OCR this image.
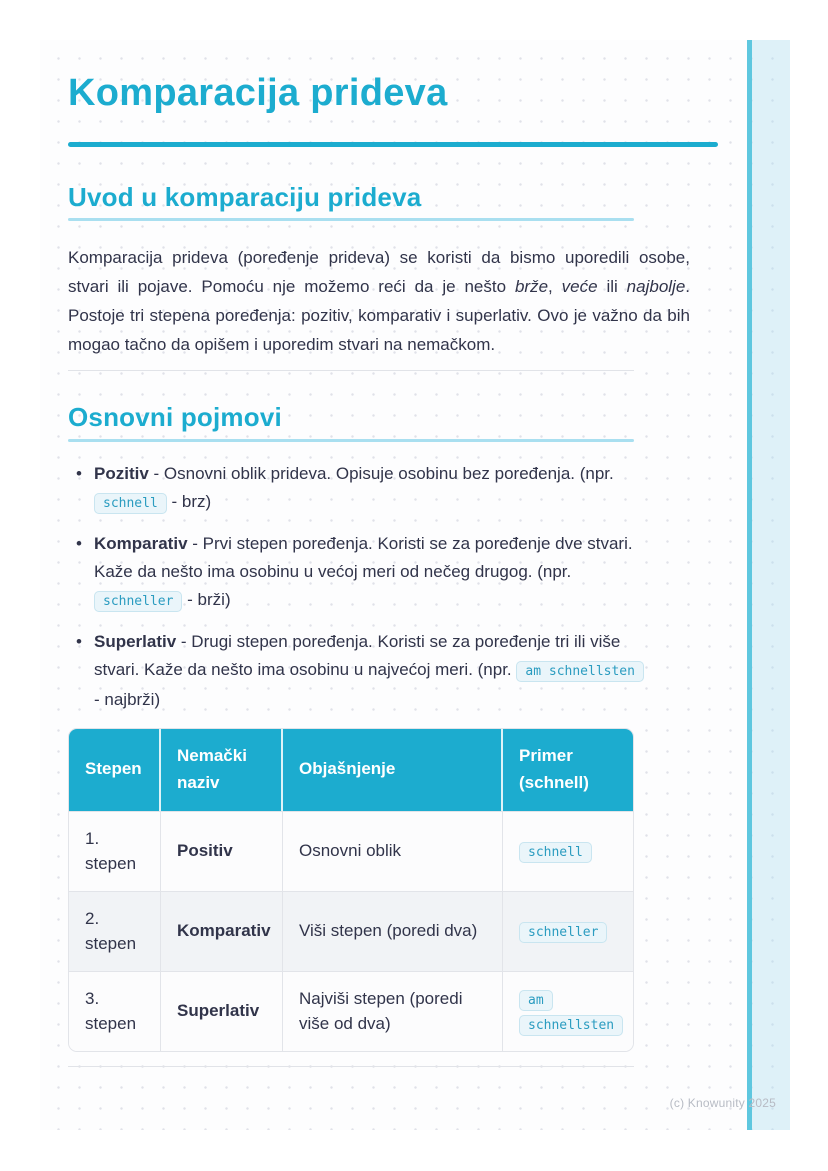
Komparacija prideva
Uvod u komparaciju prideva

Komparacija prideva (poređenje prideva) se koristi da bismo uporedili osobe, stvari ili pojave. Pomoću nje možemo reći da je nešto brže, veće ili najbolje. Postoje tri stepena poređenja: pozitiv, komparativ i superlativ. Ovo je važno da bih mogao tačno da opišem i uporedim stvari na nemačkom.

Osnovni pojmovi
• Pozitiv - Osnovni oblik prideva. Opisuje osobinu bez poređenja. (npr. schnell - brz)
• Komparativ - Prvi stepen poređenja. Koristi se za poređenje dve stvari. Kaže da nešto ima osobinu u većoj meri od nečeg drugog. (npr. schneller - brži)
• Superlativ - Drugi stepen poređenja. Koristi se za poređenje tri ili više stvari. Kaže da nešto ima osobinu u najvećoj meri. (npr. am schnellsten - najbrži)
Stepen	Nemački naziv	Objašnjenje	Primer (schnell)
1. stepen	Positiv	Osnovni oblik	schnell
2. stepen	Komparativ	Viši stepen (poredi dva)	schneller
3. stepen	Superlativ	Najviši stepen (poredi više od dva)	am schnellsten
(c) Knowunity 2025
